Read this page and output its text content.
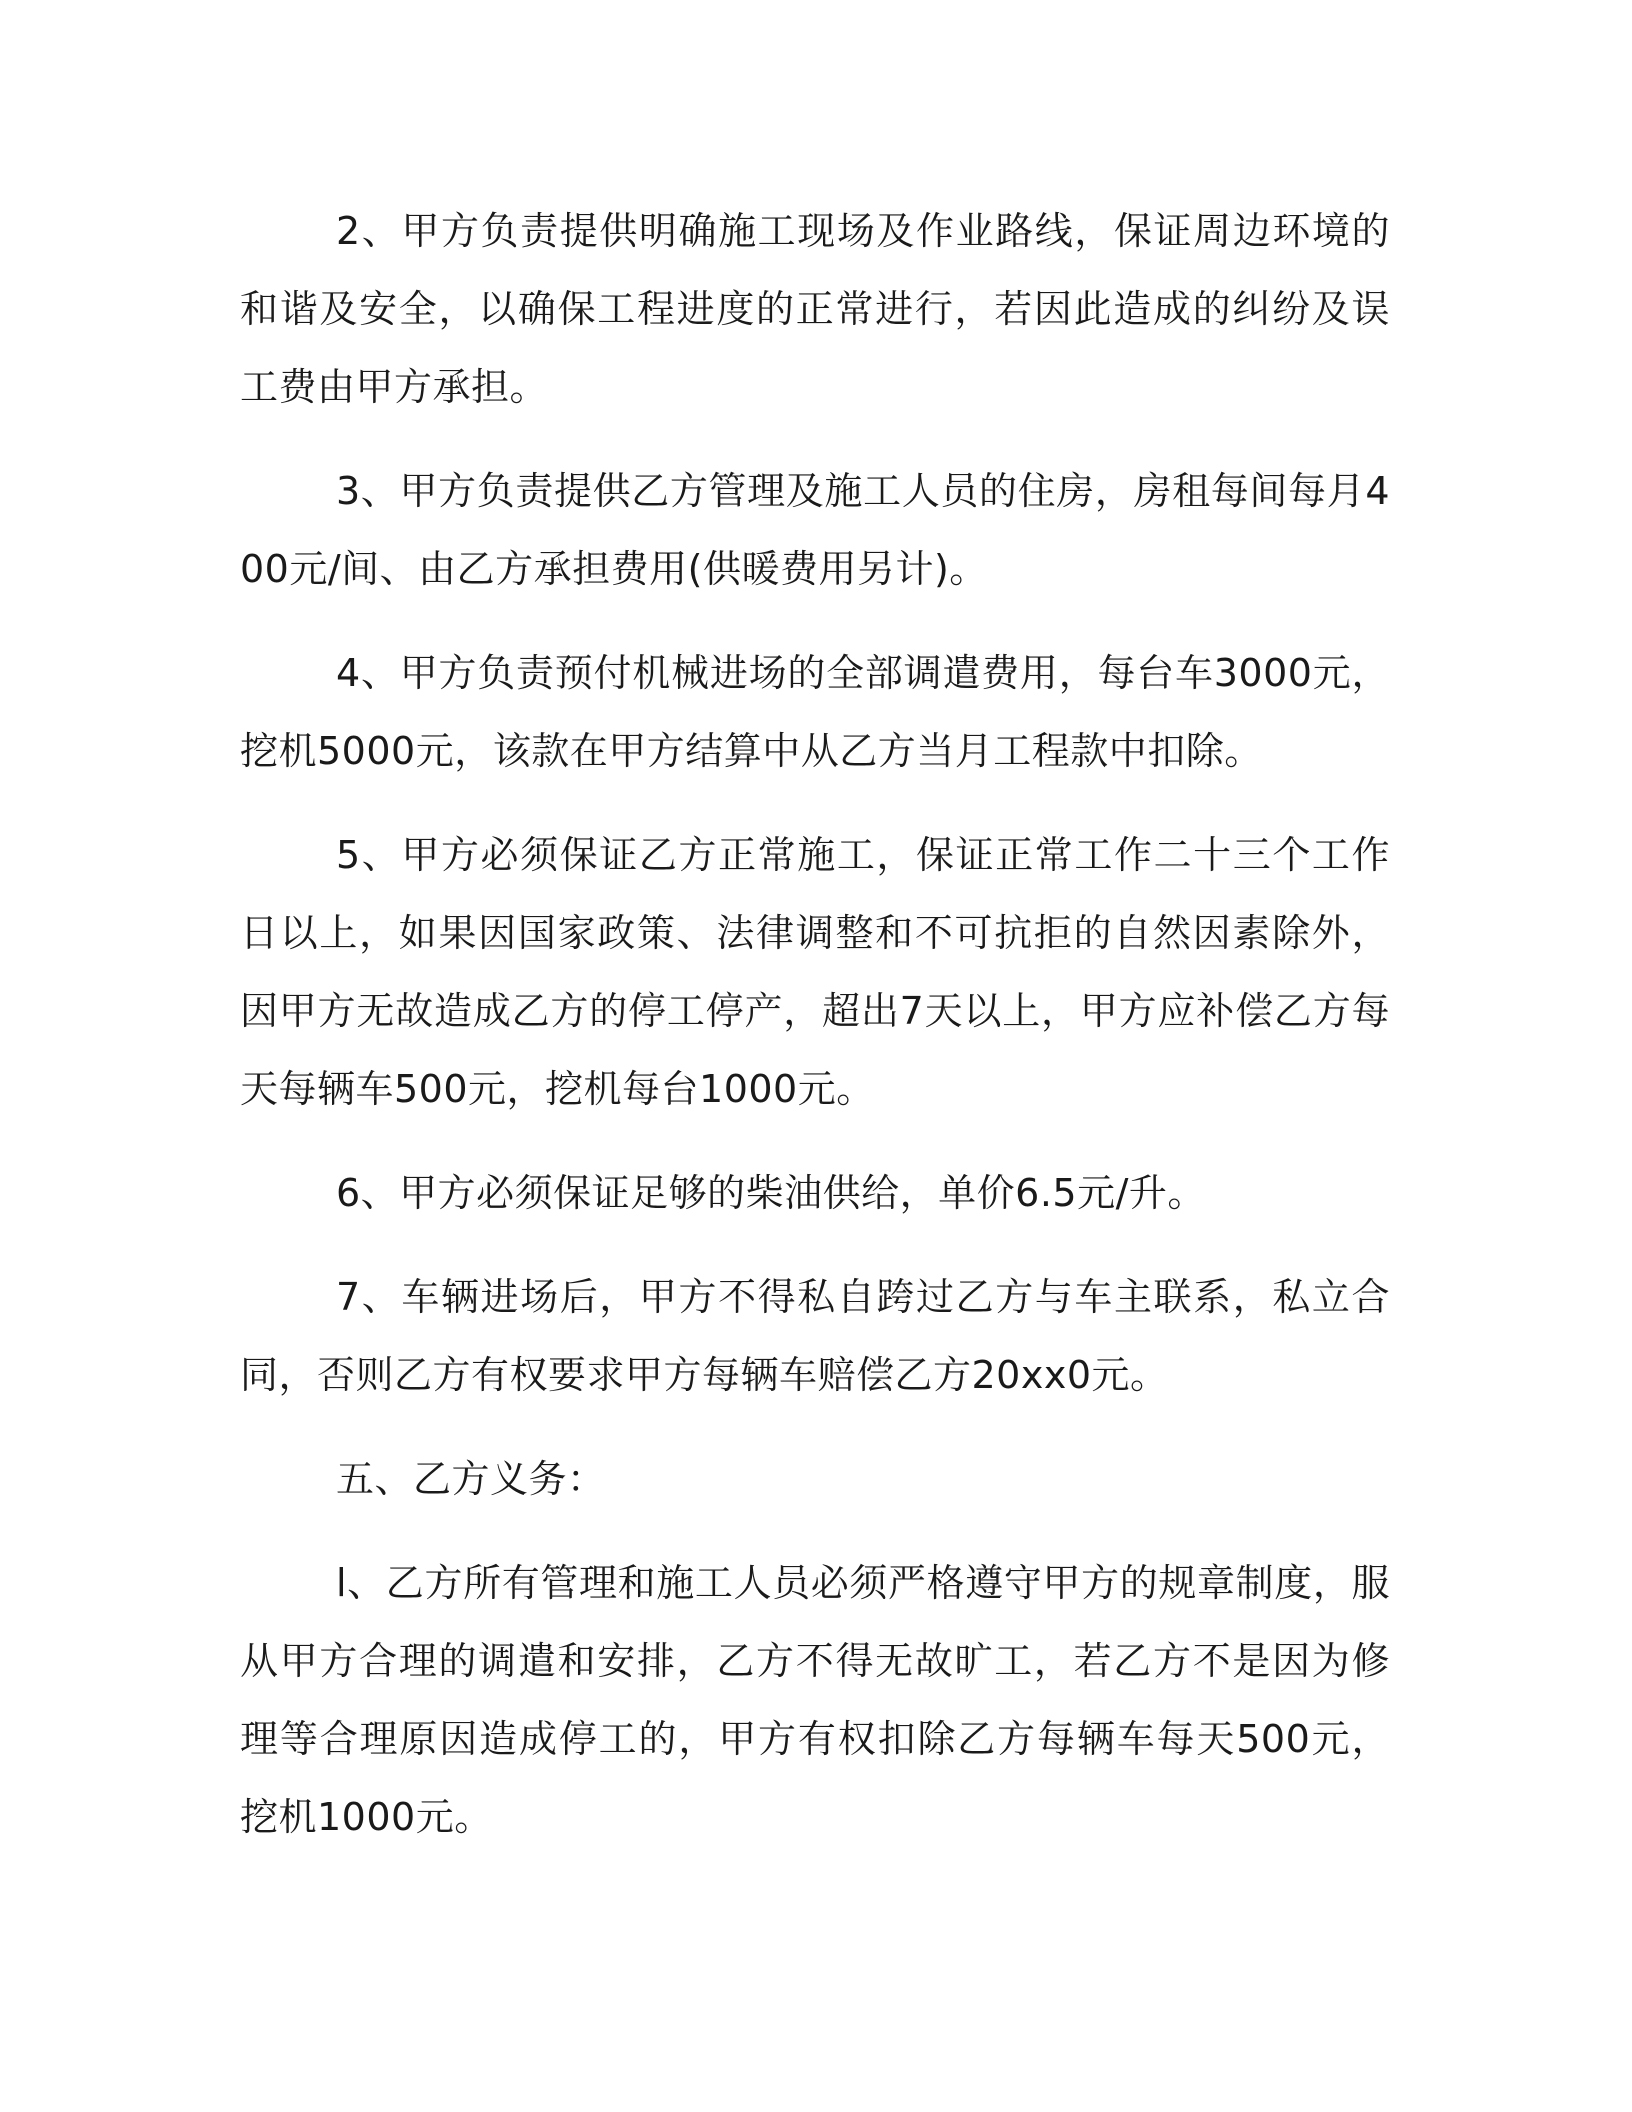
2、甲方负责提供明确施工现场及作业路线，保证周边环境的和谐及安全，以确保工程进度的正常进行，若因此造成的纠纷及误工费由甲方承担。

3、甲方负责提供乙方管理及施工人员的住房，房租每间每月400元/间、由乙方承担费用(供暖费用另计)。

4、甲方负责预付机械进场的全部调遣费用，每台车3000元，挖机5000元，该款在甲方结算中从乙方当月工程款中扣除。

5、甲方必须保证乙方正常施工，保证正常工作二十三个工作日以上，如果因国家政策、法律调整和不可抗拒的自然因素除外，因甲方无故造成乙方的停工停产，超出7天以上，甲方应补偿乙方每天每辆车500元，挖机每台1000元。

6、甲方必须保证足够的柴油供给，单价6.5元/升。

7、车辆进场后，甲方不得私自跨过乙方与车主联系，私立合同，否则乙方有权要求甲方每辆车赔偿乙方20xx0元。

五、乙方义务：

l、乙方所有管理和施工人员必须严格遵守甲方的规章制度，服从甲方合理的调遣和安排，乙方不得无故旷工，若乙方不是因为修理等合理原因造成停工的，甲方有权扣除乙方每辆车每天500元，挖机1000元。
